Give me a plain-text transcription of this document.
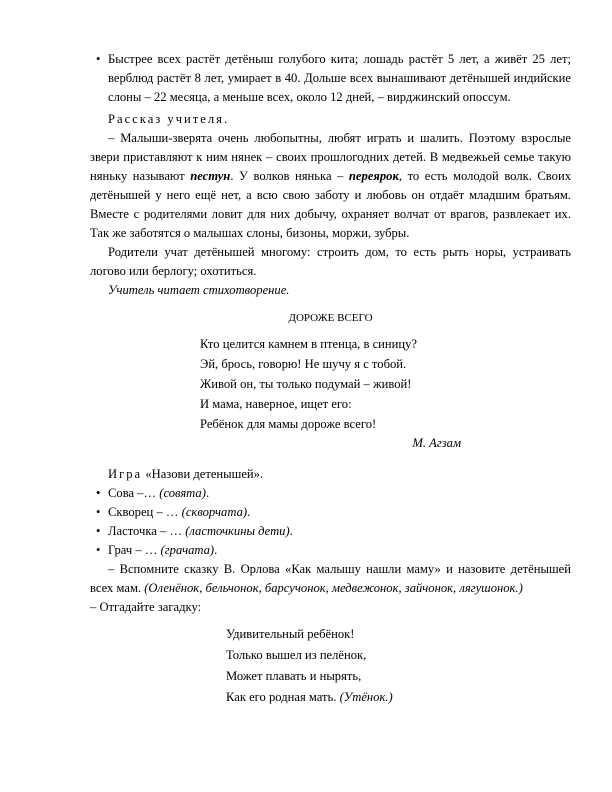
• Быстрее всех растёт детёныш голубого кита; лошадь растёт 5 лет, а живёт 25 лет; верблюд растёт 8 лет, умирает в 40. Дольше всех вынашивают детёнышей индийские слоны – 22 месяца, а меньше всех, около 12 дней, – вирджинский опоссум.

Рассказ учителя.

– Малыши-зверята очень любопытны, любят играть и шалить. Поэтому взрослые звери приставляют к ним нянек – своих прошлогодних детей. В медвежьей семье такую няньку называют пестун. У волков нянька – переярок, то есть молодой волк. Своих детёнышей у него ещё нет, а всю свою заботу и любовь он отдаёт младшим братьям. Вместе с родителями ловит для них добычу, охраняет волчат от врагов, развлекает их. Так же заботятся о малышах слоны, бизоны, моржи, зубры.

Родители учат детёнышей многому: строить дом, то есть рыть норы, устраивать логово или берлогу; охотиться.

Учитель читает стихотворение.

ДОРОЖЕ ВСЕГО
Кто целится камнем в птенца, в синицу?
Эй, брось, говорю! Не шучу я с тобой.
Живой он, ты только подумай – живой!
И мама, наверное, ищет его:
Ребёнок для мамы дороже всего!
М. Агзам

Игра «Назови детенышей».

• Сова –… (совята).

• Скворец – … (скворчата).

• Ласточка – … (ласточкины дети).

• Грач – … (грачата).

– Вспомните сказку В. Орлова «Как малышу нашли маму» и назовите детёнышей всех мам. (Оленёнок, бельчонок, барсучонок, медвежонок, зайчонок, лягушонок.)

– Отгадайте загадку:

Удивительный ребёнок!
Только вышел из пелёнок,
Может плавать и нырять,
Как его родная мать. (Утёнок.)
